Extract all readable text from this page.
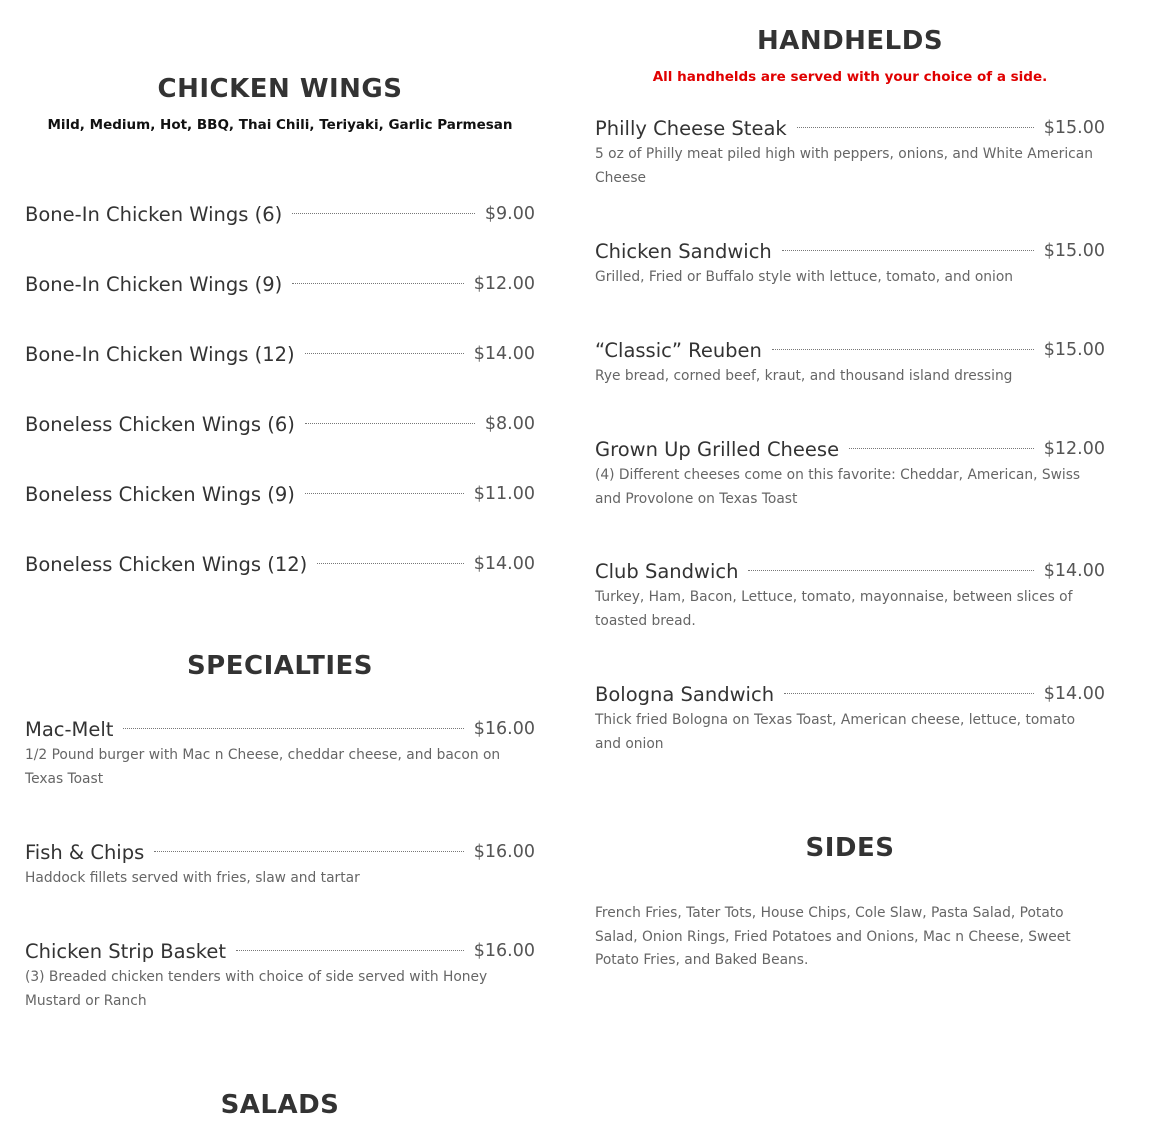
CHICKEN WINGS
Mild, Medium, Hot, BBQ, Thai Chili, Teriyaki, Garlic Parmesan
Bone-In Chicken Wings (6)	$9.00
Bone-In Chicken Wings (9)	$12.00
Bone-In Chicken Wings (12)	$14.00
Boneless Chicken Wings (6)	$8.00
Boneless Chicken Wings (9)	$11.00
Boneless Chicken Wings (12)	$14.00
SPECIALTIES
Mac-Melt	$16.00
1/2 Pound burger with Mac n Cheese, cheddar cheese, and bacon on Texas Toast
Fish & Chips	$16.00
Haddock fillets served with fries, slaw and tartar
Chicken Strip Basket	$16.00
(3) Breaded chicken tenders with choice of side served with Honey Mustard or Ranch
SALADS
HANDHELDS
All handhelds are served with your choice of a side.
Philly Cheese Steak	$15.00
5 oz of Philly meat piled high with peppers, onions, and White American Cheese
Chicken Sandwich	$15.00
Grilled, Fried or Buffalo style with lettuce, tomato, and onion
“Classic” Reuben	$15.00
Rye bread, corned beef, kraut, and thousand island dressing
Grown Up Grilled Cheese	$12.00
(4) Different cheeses come on this favorite: Cheddar, American, Swiss and Provolone on Texas Toast
Club Sandwich	$14.00
Turkey, Ham, Bacon, Lettuce, tomato, mayonnaise, between slices of toasted bread.
Bologna Sandwich	$14.00
Thick fried Bologna on Texas Toast, American cheese, lettuce, tomato and onion
SIDES
French Fries, Tater Tots, House Chips, Cole Slaw, Pasta Salad, Potato Salad, Onion Rings, Fried Potatoes and Onions, Mac n Cheese, Sweet Potato Fries, and Baked Beans.
